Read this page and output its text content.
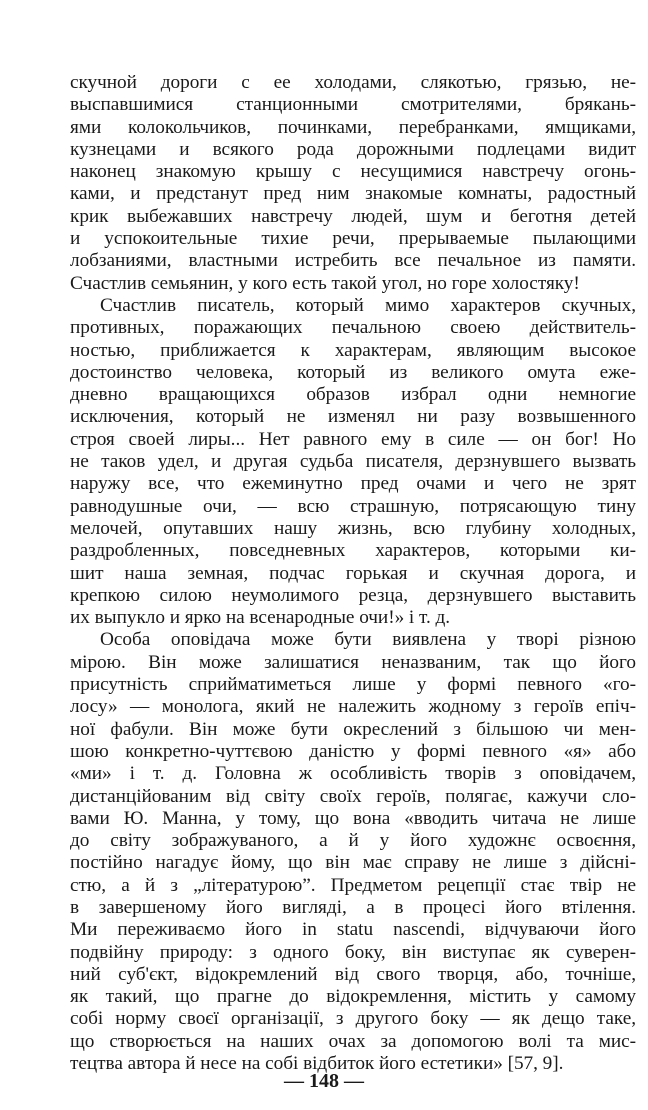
скучной дороги с ее холодами, слякотью, грязью, не-
выспавшимися станционными смотрителями, брякань-
ями колокольчиков, починками, перебранками, ямщиками,
кузнецами и всякого рода дорожными подлецами видит
наконец знакомую крышу с несущимися навстречу огонь-
ками, и предстанут пред ним знакомые комнаты, радостный
крик выбежавших навстречу людей, шум и беготня детей
и успокоительные тихие речи, прерываемые пылающими
лобзаниями, властными истребить все печальное из памяти.
Счастлив семьянин, у кого есть такой угол, но горе холостяку!
Счастлив писатель, который мимо характеров скучных,
противных, поражающих печальною своею действитель-
ностью, приближается к характерам, являющим высокое
достоинство человека, который из великого омута еже-
дневно вращающихся образов избрал одни немногие
исключения, который не изменял ни разу возвышенного
строя своей лиры... Нет равного ему в силе — он бог! Но
не таков удел, и другая судьба писателя, дерзнувшего вызвать
наружу все, что ежеминутно пред очами и чего не зрят
равнодушные очи, — всю страшную, потрясающую тину
мелочей, опутавших нашу жизнь, всю глубину холодных,
раздробленных, повседневных характеров, которыми ки-
шит наша земная, подчас горькая и скучная дорога, и
крепкою силою неумолимого резца, дерзнувшего выставить
их выпукло и ярко на всенародные очи!» і т. д.
Особа оповідача може бути виявлена у творі різною
мірою. Він може залишатися неназваним, так що його
присутність сприйматиметься лише у формі певного «го-
лосу» — монолога, який не належить жодному з героїв епіч-
ної фабули. Він може бути окреслений з більшою чи мен-
шою конкретно-чуттєвою даністю у формі певного «я» або
«ми» і т. д. Головна ж особливість творів з оповідачем,
дистанційованим від світу своїх героїв, полягає, кажучи сло-
вами Ю. Манна, у тому, що вона «вводить читача не лише
до світу зображуваного, а й у його художнє освоєння,
постійно нагадує йому, що він має справу не лише з дійсні-
стю, а й з „літературою”. Предметом рецепції стає твір не
в завершеному його вигляді, а в процесі його втілення.
Ми переживаємо його in statu nascendi, відчуваючи його
подвійну природу: з одного боку, він виступає як суверен-
ний суб'єкт, відокремлений від свого творця, або, точніше,
як такий, що прагне до відокремлення, містить у самому
собі норму своєї організації, з другого боку — як дещо таке,
що створюється на наших очах за допомогою волі та мис-
тецтва автора й несе на собі відбиток його естетики» [57, 9].
— 148 —
